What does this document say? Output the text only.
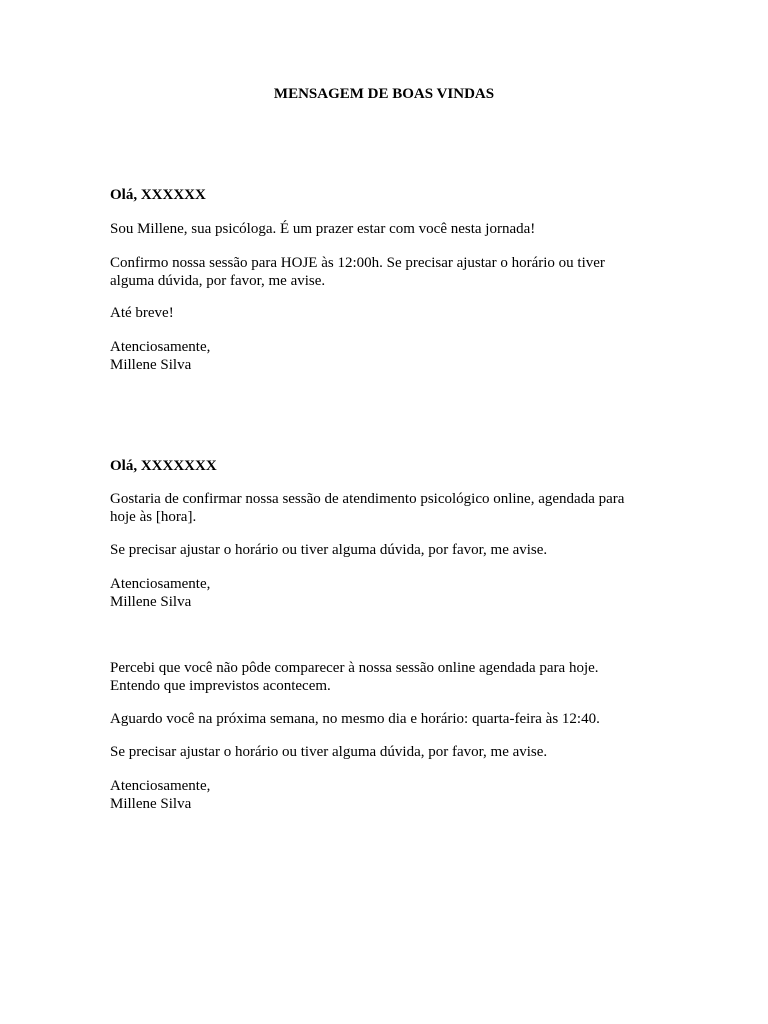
MENSAGEM DE BOAS VINDAS

Olá, XXXXXX

Sou Millene, sua psicóloga. É um prazer estar com você nesta jornada!

Confirmo nossa sessão para HOJE às 12:00h. Se precisar ajustar o horário ou tiver
alguma dúvida, por favor, me avise.

Até breve!

Atenciosamente,
Millene Silva

Olá, XXXXXXX

Gostaria de confirmar nossa sessão de atendimento psicológico online, agendada para
hoje às [hora].

Se precisar ajustar o horário ou tiver alguma dúvida, por favor, me avise.

Atenciosamente,
Millene Silva

Percebi que você não pôde comparecer à nossa sessão online agendada para hoje.
Entendo que imprevistos acontecem.

Aguardo você na próxima semana, no mesmo dia e horário: quarta-feira às 12:40.

Se precisar ajustar o horário ou tiver alguma dúvida, por favor, me avise.

Atenciosamente,
Millene Silva
